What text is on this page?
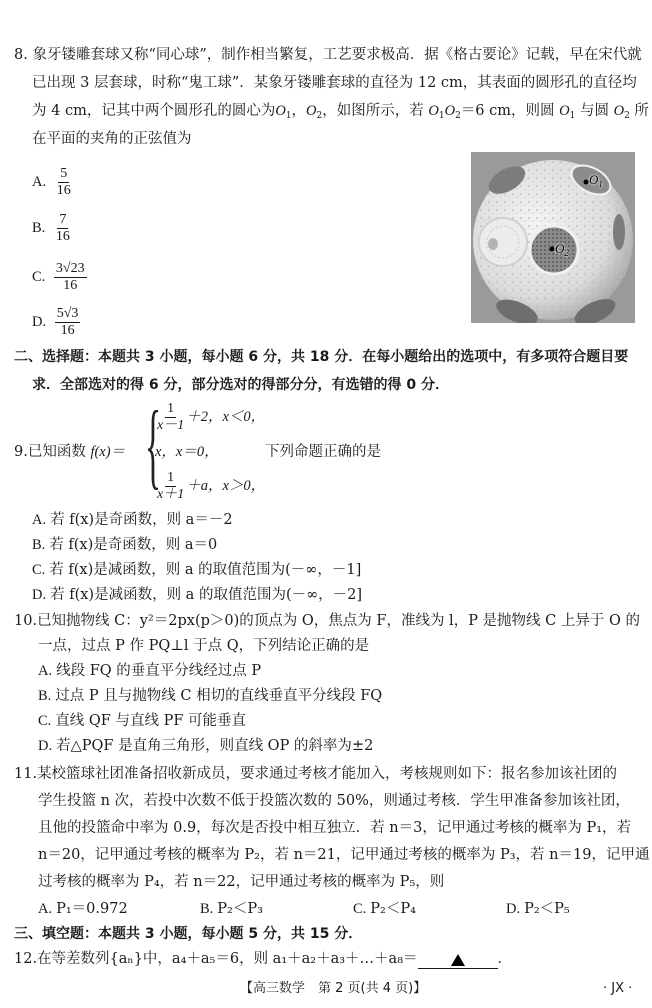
8. 象牙镂雕套球又称“同心球”，制作相当繁复，工艺要求极高．据《格古要论》记载，早在宋代就
已出现 3 层套球，时称“鬼工球”．某象牙镂雕套球的直径为 12 cm，其表面的圆形孔的直径均
为 4 cm，记其中两个圆形孔的圆心为$O_1$，$O_2$，如图所示，若 $O_1O_2=6$ cm，则圆 $O_1$ 与圆 $O_2$ 所
在平面的夹角的正弦值为
A. $\frac{5}{16}$
B. $\frac{7}{16}$
C. $\frac{3√23}{16}$
D. $\frac{5√3}{16}$
$O_1$
$O_2$
二、选择题：本题共 3 小题，每小题 6 分，共 18 分．在每小题给出的选项中，有多项符合题目要
求．全部选对的得 6 分，部分选对的得部分分，有选错的得 0 分．
9.已知函数 f(x)＝ {
$\frac{1}{x-1} +2$，x＜0，
x，x＝0，	下列命题正确的是
$\frac{1}{x+1} +a$，x＞0，
A. 若 f(x)是奇函数，则 a＝－2
B. 若 f(x)是奇函数，则 a＝0
C. 若 f(x)是减函数，则 a 的取值范围为(－∞，－1]
D. 若 f(x)是减函数，则 a 的取值范围为(－∞，－2]
10.已知抛物线 C：y²＝2px(p＞0)的顶点为 O，焦点为 F，准线为 l，P 是抛物线 C 上异于 O 的
一点，过点 P 作 PQ⊥l 于点 Q，下列结论正确的是
A. 线段 FQ 的垂直平分线经过点 P
B. 过点 P 且与抛物线 C 相切的直线垂直平分线段 FQ
C. 直线 QF 与直线 PF 可能垂直
D. 若△PQF 是直角三角形，则直线 OP 的斜率为±2
11.某校篮球社团准备招收新成员，要求通过考核才能加入，考核规则如下：报名参加该社团的
学生投篮 n 次，若投中次数不低于投篮次数的 50%，则通过考核．学生甲准备参加该社团，
且他的投篮命中率为 0.9，每次是否投中相互独立．若 n＝3，记甲通过考核的概率为 P₁，若
n＝20，记甲通过考核的概率为 P₂，若 n＝21，记甲通过考核的概率为 P₃，若 n＝19，记甲通
过考核的概率为 P₄，若 n＝22，记甲通过考核的概率为 P₅，则
A. P₁＝0.972	B. P₂＜P₃	C. P₂＜P₄	D. P₂＜P₅
三、填空题：本题共 3 小题，每小题 5 分，共 15 分．
12.在等差数列{aₙ}中，a₄＋a₅＝6，则 a₁＋a₂＋a₃＋…＋a₈＝	．
【高三数学　第 2 页(共 4 页)】	· JX ·
